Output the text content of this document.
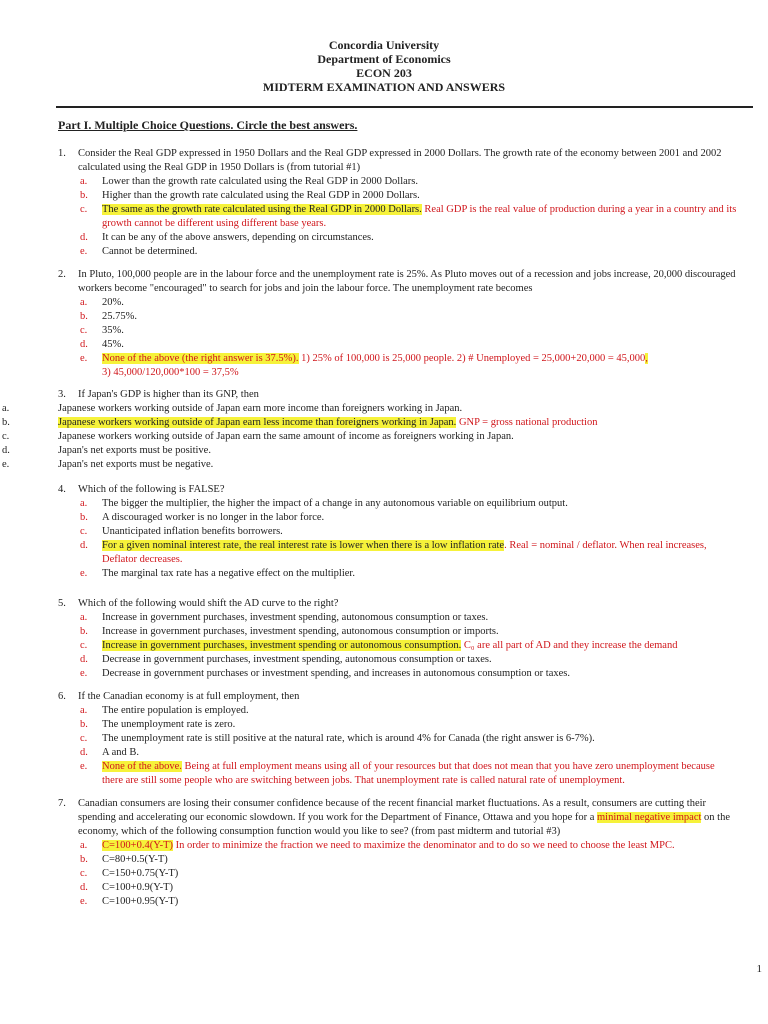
Concordia University
Department of Economics
ECON 203
MIDTERM EXAMINATION AND ANSWERS
Part I. Multiple Choice Questions. Circle the best answers.
1. Consider the Real GDP expressed in 1950 Dollars and the Real GDP expressed in 2000 Dollars. The growth rate of the economy between 2001 and 2002 calculated using the Real GDP in 1950 Dollars is (from tutorial #1)
a. Lower than the growth rate calculated using the Real GDP in 2000 Dollars.
b. Higher than the growth rate calculated using the Real GDP in 2000 Dollars.
c. The same as the growth rate calculated using the Real GDP in 2000 Dollars. Real GDP is the real value of production during a year in a country and its growth cannot be different using different base years.
d. It can be any of the above answers, depending on circumstances.
e. Cannot be determined.
2. In Pluto, 100,000 people are in the labour force and the unemployment rate is 25%. As Pluto moves out of a recession and jobs increase, 20,000 discouraged workers become "encouraged" to search for jobs and join the labour force. The unemployment rate becomes
a. 20%.
b. 25.75%.
c. 35%.
d. 45%.
e. None of the above (the right answer is 37.5%). 1) 25% of 100,000 is 25,000 people. 2) # Unemployed = 25,000+20,000 = 45,000,
3) 45,000/120,000*100 = 37,5%
3. If Japan's GDP is higher than its GNP, then
a.	Japanese workers working outside of Japan earn more income than foreigners working in Japan.
b.	Japanese workers working outside of Japan earn less income than foreigners working in Japan. GNP = gross national production
c.	Japanese workers working outside of Japan earn the same amount of income as foreigners working in Japan.
d.	Japan's net exports must be positive.
e.	Japan's net exports must be negative.
4. Which of the following is FALSE?
a. The bigger the multiplier, the higher the impact of a change in any autonomous variable on equilibrium output.
b. A discouraged worker is no longer in the labor force.
c. Unanticipated inflation benefits borrowers.
d. For a given nominal interest rate, the real interest rate is lower when there is a low inflation rate. Real = nominal / deflator. When real increases, Deflator decreases.
e. The marginal tax rate has a negative effect on the multiplier.
5. Which of the following would shift the AD curve to the right?
a. Increase in government purchases, investment spending, autonomous consumption or taxes.
b. Increase in government purchases, investment spending, autonomous consumption or imports.
c. Increase in government purchases, investment spending or autonomous consumption. C₀ are all part of AD and they increase the demand
d. Decrease in government purchases, investment spending, autonomous consumption or taxes.
e. Decrease in government purchases or investment spending, and increases in autonomous consumption or taxes.
6. If the Canadian economy is at full employment, then
a. The entire population is employed.
b. The unemployment rate is zero.
c. The unemployment rate is still positive at the natural rate, which is around 4% for Canada (the right answer is 6-7%).
d. A and B.
e. None of the above. Being at full employment means using all of your resources but that does not mean that you have zero unemployment because there are still some people who are switching between jobs. That unemployment rate is called natural rate of unemployment.
7. Canadian consumers are losing their consumer confidence because of the recent financial market fluctuations. As a result, consumers are cutting their spending and accelerating our economic slowdown. If you work for the Department of Finance, Ottawa and you hope for a minimal negative impact on the economy, which of the following consumption function would you like to see? (from past midterm and tutorial #3)
a. C=100+0.4(Y-T) In order to minimize the fraction we need to maximize the denominator and to do so we need to choose the least MPC.
b. C=80+0.5(Y-T)
c. C=150+0.75(Y-T)
d. C=100+0.9(Y-T)
e. C=100+0.95(Y-T)
1
